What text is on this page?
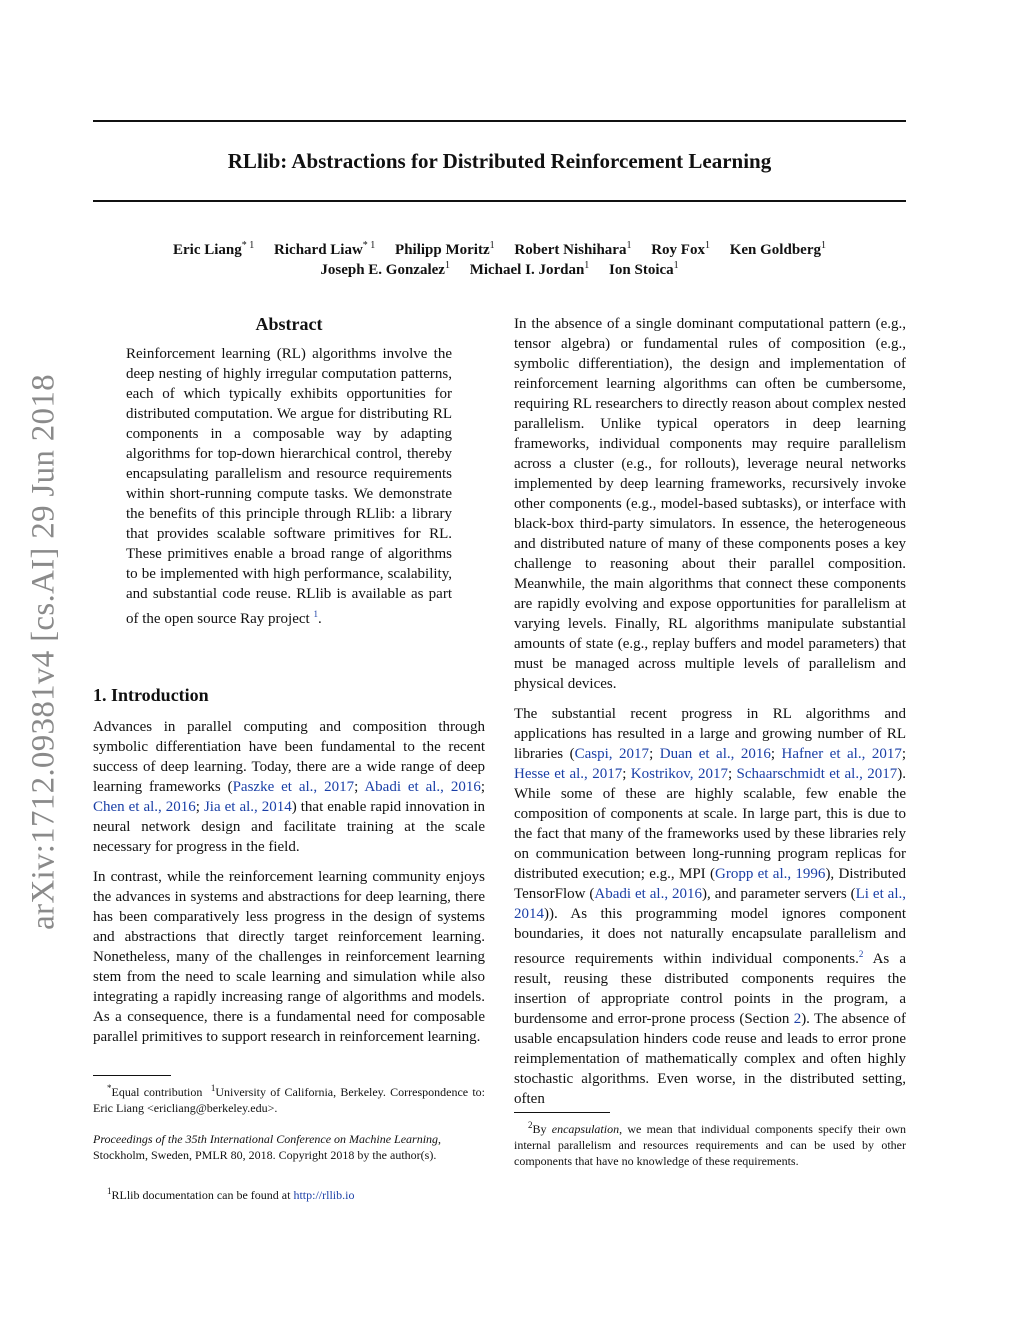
RLlib: Abstractions for Distributed Reinforcement Learning
Eric Liang$^{* 1}$ Richard Liaw$^{* 1}$ Philipp Moritz$^1$ Robert Nishihara$^1$ Roy Fox$^1$ Ken Goldberg$^1$
Joseph E. Gonzalez$^1$ Michael I. Jordan$^1$ Ion Stoica$^1$
arXiv:1712.09381v4 [cs.AI] 29 Jun 2018
Abstract

Reinforcement learning (RL) algorithms involve the deep nesting of highly irregular computation patterns, each of which typically exhibits opportunities for distributed computation. We argue for distributing RL components in a composable way by adapting algorithms for top-down hierarchical control, thereby encapsulating parallelism and resource requirements within short-running compute tasks. We demonstrate the benefits of this principle through RLlib: a library that provides scalable software primitives for RL. These primitives enable a broad range of algorithms to be implemented with high performance, scalability, and substantial code reuse. RLlib is available as part of the open source Ray project $^1$.

1. Introduction

Advances in parallel computing and composition through symbolic differentiation have been fundamental to the recent success of deep learning. Today, there are a wide range of deep learning frameworks (Paszke et al., 2017; Abadi et al., 2016; Chen et al., 2016; Jia et al., 2014) that enable rapid innovation in neural network design and facilitate training at the scale necessary for progress in the field.

In contrast, while the reinforcement learning community enjoys the advances in systems and abstractions for deep learning, there has been comparatively less progress in the design of systems and abstractions that directly target reinforcement learning. Nonetheless, many of the challenges in reinforcement learning stem from the need to scale learning and simulation while also integrating a rapidly increasing range of algorithms and models. As a consequence, there is a fundamental need for composable parallel primitives to support research in reinforcement learning.

*Equal contribution $^1$University of California, Berkeley. Correspondence to: Eric Liang <ericliang@berkeley.edu>.

Proceedings of the 35th International Conference on Machine Learning, Stockholm, Sweden, PMLR 80, 2018. Copyright 2018 by the author(s).

$^1$RLlib documentation can be found at http://rllib.io

In the absence of a single dominant computational pattern (e.g., tensor algebra) or fundamental rules of composition (e.g., symbolic differentiation), the design and implementation of reinforcement learning algorithms can often be cumbersome, requiring RL researchers to directly reason about complex nested parallelism. Unlike typical operators in deep learning frameworks, individual components may require parallelism across a cluster (e.g., for rollouts), leverage neural networks implemented by deep learning frameworks, recursively invoke other components (e.g., model-based subtasks), or interface with black-box third-party simulators. In essence, the heterogeneous and distributed nature of many of these components poses a key challenge to reasoning about their parallel composition. Meanwhile, the main algorithms that connect these components are rapidly evolving and expose opportunities for parallelism at varying levels. Finally, RL algorithms manipulate substantial amounts of state (e.g., replay buffers and model parameters) that must be managed across multiple levels of parallelism and physical devices.

The substantial recent progress in RL algorithms and applications has resulted in a large and growing number of RL libraries (Caspi, 2017; Duan et al., 2016; Hafner et al., 2017; Hesse et al., 2017; Kostrikov, 2017; Schaarschmidt et al., 2017). While some of these are highly scalable, few enable the composition of components at scale. In large part, this is due to the fact that many of the frameworks used by these libraries rely on communication between long-running program replicas for distributed execution; e.g., MPI (Gropp et al., 1996), Distributed TensorFlow (Abadi et al., 2016), and parameter servers (Li et al., 2014)). As this programming model ignores component boundaries, it does not naturally encapsulate parallelism and resource requirements within individual components.$^2$ As a result, reusing these distributed components requires the insertion of appropriate control points in the program, a burdensome and error-prone process (Section 2). The absence of usable encapsulation hinders code reuse and leads to error prone reimplementation of mathematically complex and often highly stochastic algorithms. Even worse, in the distributed setting, often

$^2$By encapsulation, we mean that individual components specify their own internal parallelism and resources requirements and can be used by other components that have no knowledge of these requirements.
